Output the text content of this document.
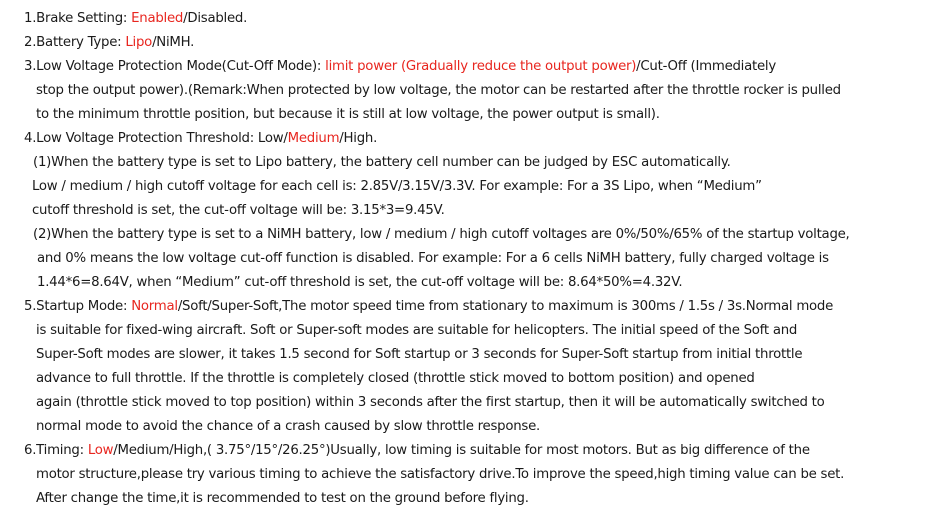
1.Brake Setting: Enabled/Disabled.
2.Battery Type: Lipo/NiMH.
3.Low Voltage Protection Mode(Cut-Off Mode): limit power (Gradually reduce the output power)/Cut-Off (Immediately
stop the output power).(Remark:When protected by low voltage, the motor can be restarted after the throttle rocker is pulled
to the minimum throttle position, but because it is still at low voltage, the power output is small).
4.Low Voltage Protection Threshold: Low/Medium/High.
(1)When the battery type is set to Lipo battery, the battery cell number can be judged by ESC automatically.
Low / medium / high cutoff voltage for each cell is: 2.85V/3.15V/3.3V. For example: For a 3S Lipo, when “Medium”
cutoff threshold is set, the cut-off voltage will be: 3.15*3=9.45V.
(2)When the battery type is set to a NiMH battery, low / medium / high cutoff voltages are 0%/50%/65% of the startup voltage,
and 0% means the low voltage cut-off function is disabled. For example: For a 6 cells NiMH battery, fully charged voltage is
1.44*6=8.64V, when “Medium” cut-off threshold is set, the cut-off voltage will be: 8.64*50%=4.32V.
5.Startup Mode: Normal/Soft/Super-Soft,The motor speed time from stationary to maximum is 300ms / 1.5s / 3s.Normal mode
is suitable for fixed-wing aircraft. Soft or Super-soft modes are suitable for helicopters. The initial speed of the Soft and
Super-Soft modes are slower, it takes 1.5 second for Soft startup or 3 seconds for Super-Soft startup from initial throttle
advance to full throttle. If the throttle is completely closed (throttle stick moved to bottom position) and opened
again (throttle stick moved to top position) within 3 seconds after the first startup, then it will be automatically switched to
normal mode to avoid the chance of a crash caused by slow throttle response.
6.Timing: Low/Medium/High,( 3.75°/15°/26.25°)Usually, low timing is suitable for most motors. But as big difference of the
motor structure,please try various timing to achieve the satisfactory drive.To improve the speed,high timing value can be set.
After change the time,it is recommended to test on the ground before flying.
